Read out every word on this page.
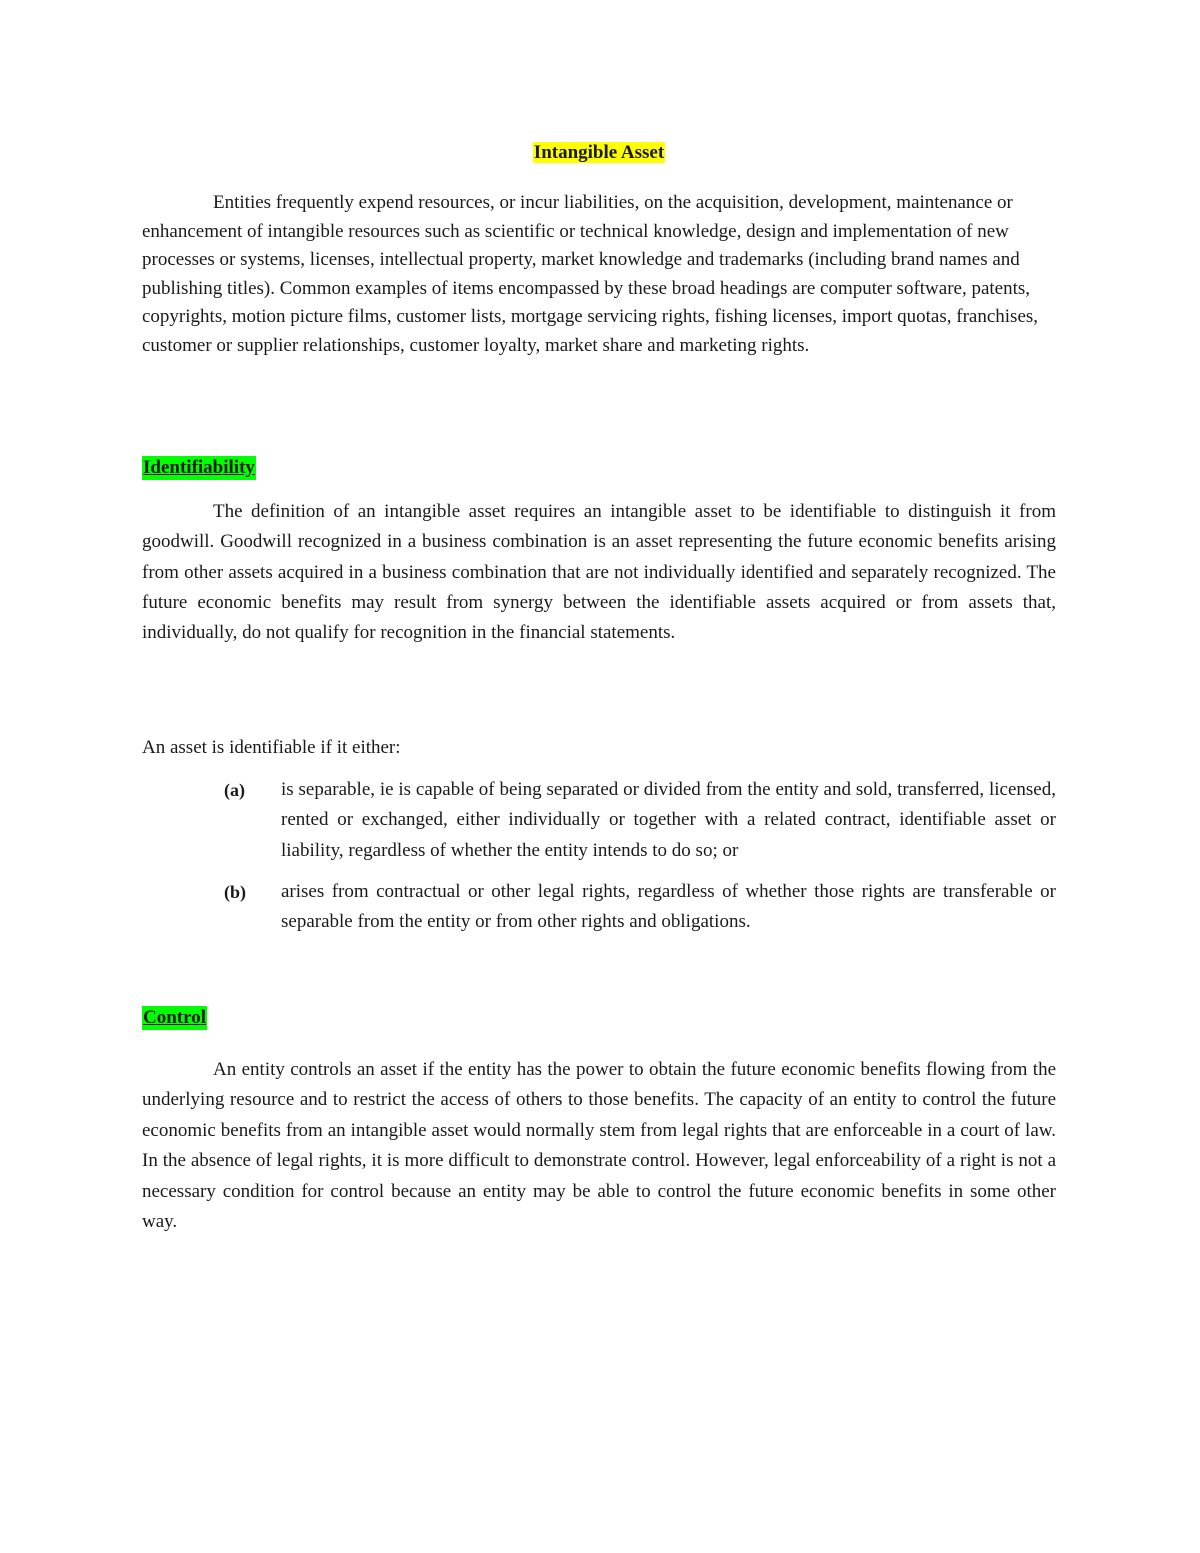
Intangible Asset

Entities frequently expend resources, or incur liabilities, on the acquisition, development, maintenance or enhancement of intangible resources such as scientific or technical knowledge, design and implementation of new processes or systems, licenses, intellectual property, market knowledge and trademarks (including brand names and publishing titles). Common examples of items encompassed by these broad headings are computer software, patents, copyrights, motion picture films, customer lists, mortgage servicing rights, fishing licenses, import quotas, franchises, customer or supplier relationships, customer loyalty, market share and marketing rights.

Identifiability

The definition of an intangible asset requires an intangible asset to be identifiable to distinguish it from goodwill. Goodwill recognized in a business combination is an asset representing the future economic benefits arising from other assets acquired in a business combination that are not individually identified and separately recognized. The future economic benefits may result from synergy between the identifiable assets acquired or from assets that, individually, do not qualify for recognition in the financial statements.

An asset is identifiable if it either:

(a) is separable, ie is capable of being separated or divided from the entity and sold, transferred, licensed, rented or exchanged, either individually or together with a related contract, identifiable asset or liability, regardless of whether the entity intends to do so; or

(b) arises from contractual or other legal rights, regardless of whether those rights are transferable or separable from the entity or from other rights and obligations.

Control

An entity controls an asset if the entity has the power to obtain the future economic benefits flowing from the underlying resource and to restrict the access of others to those benefits. The capacity of an entity to control the future economic benefits from an intangible asset would normally stem from legal rights that are enforceable in a court of law. In the absence of legal rights, it is more difficult to demonstrate control. However, legal enforceability of a right is not a necessary condition for control because an entity may be able to control the future economic benefits in some other way.
